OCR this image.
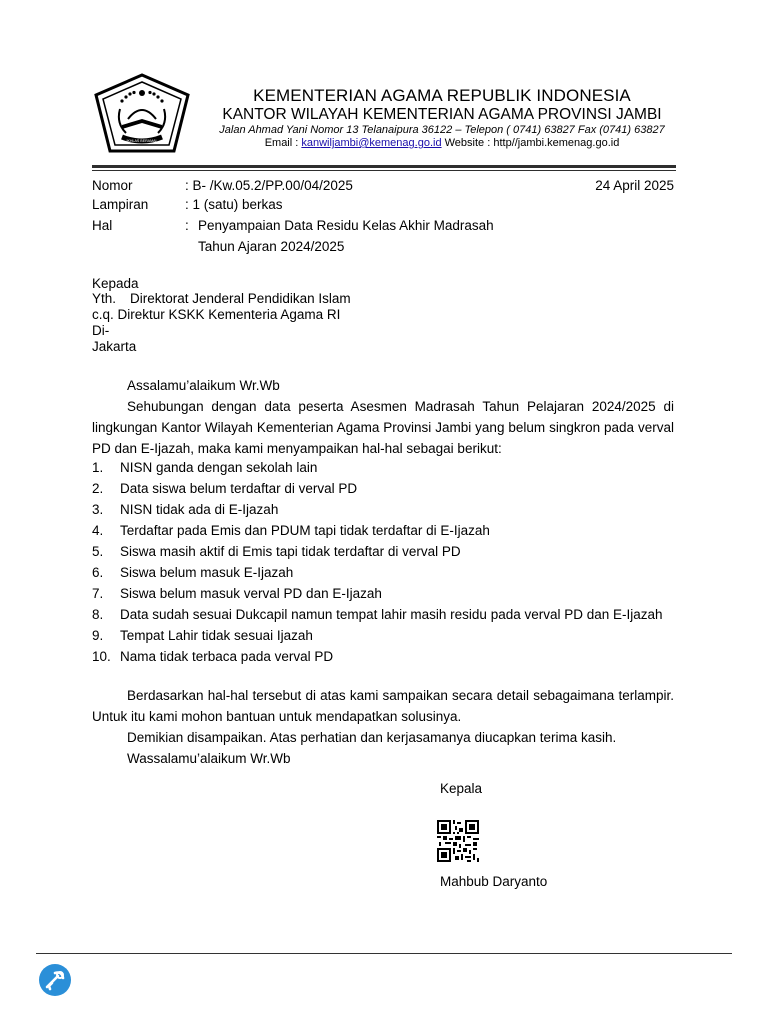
IKHLAS BERAMAL
KEMENTERIAN AGAMA REPUBLIK INDONESIA
KANTOR WILAYAH KEMENTERIAN AGAMA PROVINSI JAMBI
Jalan Ahmad Yani Nomor 13 Telanaipura 36122 – Telepon ( 0741) 63827 Fax (0741) 63827
Email : kanwiljambi@kemenag.go.id Website : http//jambi.kemenag.go.id
Nomor	: B- /Kw.05.2/PP.00/04/2025	24 April 2025
Lampiran	: 1 (satu) berkas
Hal	: Penyampaian Data Residu Kelas Akhir Madrasah
Tahun Ajaran 2024/2025
Kepada
Yth. Direktorat Jenderal Pendidikan Islam
c.q. Direktur KSKK Kementeria Agama RI
Di-
Jakarta
Assalamu’alaikum Wr.Wb
Sehubungan dengan data peserta Asesmen Madrasah Tahun Pelajaran 2024/2025 di lingkungan Kantor Wilayah Kementerian Agama Provinsi Jambi yang belum singkron pada verval PD dan E-Ijazah, maka kami menyampaikan hal-hal sebagai berikut:
1. NISN ganda dengan sekolah lain
2. Data siswa belum terdaftar di verval PD
3. NISN tidak ada di E-Ijazah
4. Terdaftar pada Emis dan PDUM tapi tidak terdaftar di E-Ijazah
5. Siswa masih aktif di Emis tapi tidak terdaftar di verval PD
6. Siswa belum masuk E-Ijazah
7. Siswa belum masuk verval PD dan E-Ijazah
8. Data sudah sesuai Dukcapil namun tempat lahir masih residu pada verval PD dan E-Ijazah
9. Tempat Lahir tidak sesuai Ijazah
10. Nama tidak terbaca pada verval PD
Berdasarkan hal-hal tersebut di atas kami sampaikan secara detail sebagaimana terlampir. Untuk itu kami mohon bantuan untuk mendapatkan solusinya.
Demikian disampaikan. Atas perhatian dan kerjasamanya diucapkan terima kasih.
Wassalamu’alaikum Wr.Wb
Kepala
Mahbub Daryanto
